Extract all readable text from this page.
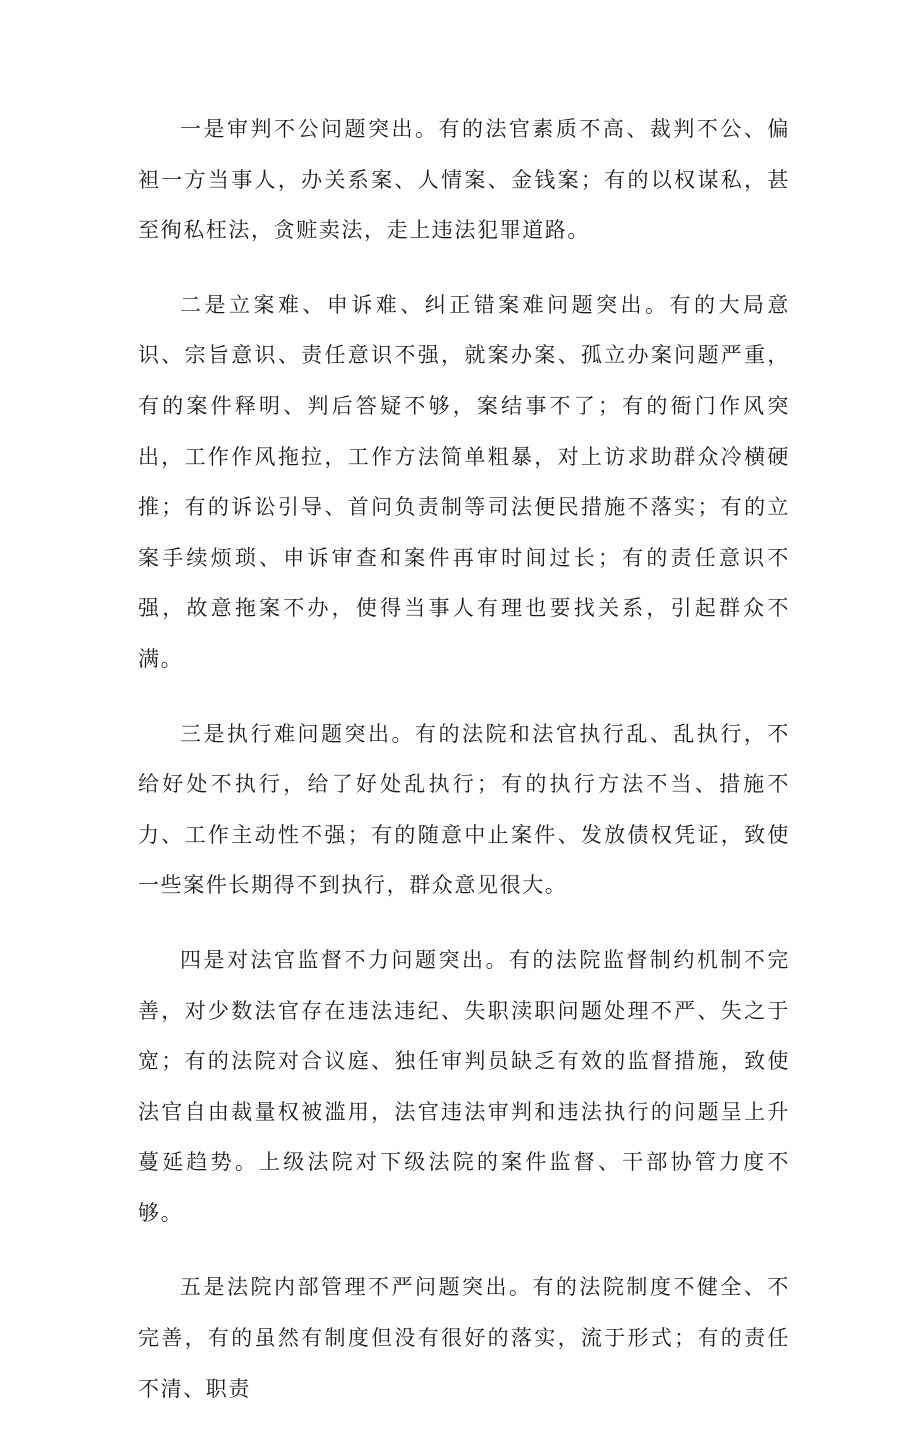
一是审判不公问题突出。有的法官素质不高、裁判不公、偏袒一方当事人，办关系案、人情案、金钱案；有的以权谋私，甚至徇私枉法，贪赃卖法，走上违法犯罪道路。

二是立案难、申诉难、纠正错案难问题突出。有的大局意识、宗旨意识、责任意识不强，就案办案、孤立办案问题严重，有的案件释明、判后答疑不够，案结事不了；有的衙门作风突出，工作作风拖拉，工作方法简单粗暴，对上访求助群众冷横硬推；有的诉讼引导、首问负责制等司法便民措施不落实；有的立案手续烦琐、申诉审查和案件再审时间过长；有的责任意识不强，故意拖案不办，使得当事人有理也要找关系，引起群众不满。

三是执行难问题突出。有的法院和法官执行乱、乱执行，不给好处不执行，给了好处乱执行；有的执行方法不当、措施不力、工作主动性不强；有的随意中止案件、发放债权凭证，致使一些案件长期得不到执行，群众意见很大。

四是对法官监督不力问题突出。有的法院监督制约机制不完善，对少数法官存在违法违纪、失职渎职问题处理不严、失之于宽；有的法院对合议庭、独任审判员缺乏有效的监督措施，致使法官自由裁量权被滥用，法官违法审判和违法执行的问题呈上升蔓延趋势。上级法院对下级法院的案件监督、干部协管力度不够。

五是法院内部管理不严问题突出。有的法院制度不健全、不完善，有的虽然有制度但没有很好的落实，流于形式；有的责任不清、职责
